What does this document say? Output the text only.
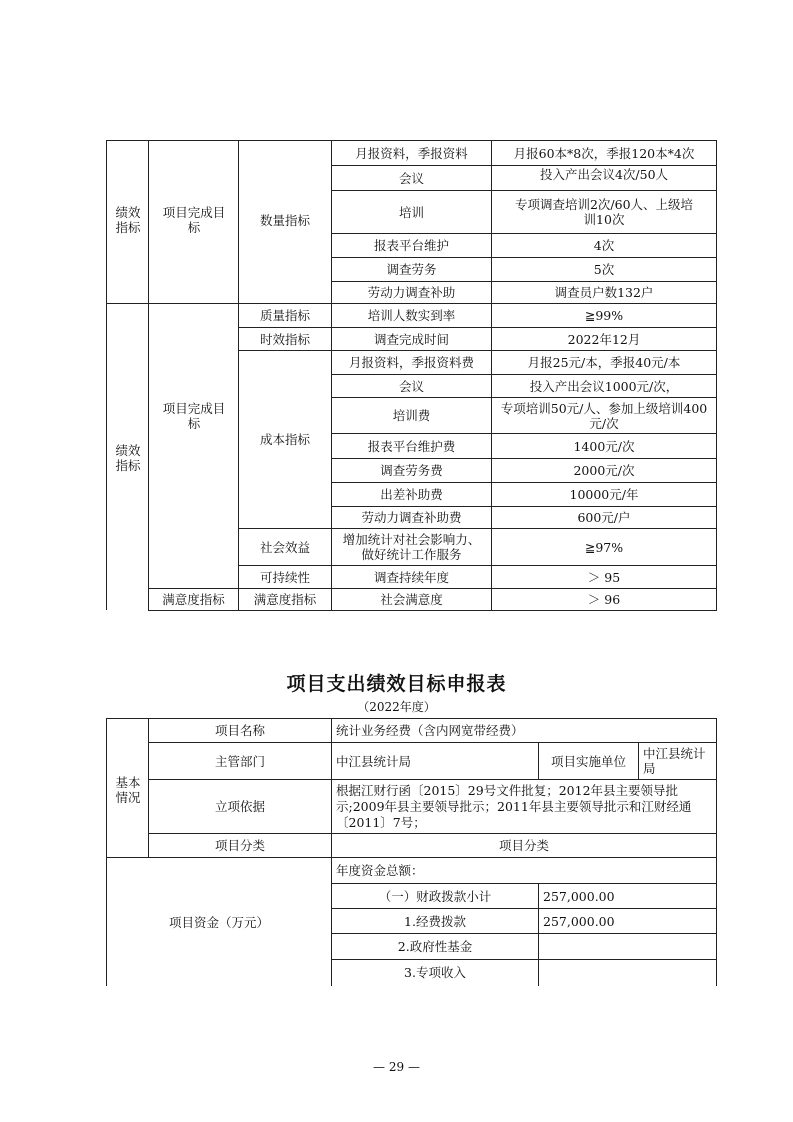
绩效指标
项目完成目标	数量指标
月报资料，季报资料	月报60本*8次，季报120本*4次
会议	投入产出会议4次/50人
培训	专项调查培训2次/60人、上级培训10次
报表平台维护	4次
调查劳务	5次
劳动力调查补助	调查员户数132户
绩效指标
项目完成目标
质量指标	培训人数实到率	≧99%
时效指标	调查完成时间	2022年12月
成本指标
月报资料，季报资料费	月报25元/本，季报40元/本
会议	投入产出会议1000元/次，
培训费	专项培训50元/人、参加上级培训400元/次
报表平台维护费	1400元/次
调查劳务费	2000元/次
出差补助费	10000元/年
劳动力调查补助费	600元/户
社会效益	增加统计对社会影响力、做好统计工作服务	≧97%
可持续性	调查持续年度	＞ 95
满意度指标	满意度指标	社会满意度	＞ 96
项目支出绩效目标申报表
（2022年度）
基本情况
项目名称	统计业务经费（含内网宽带经费）
主管部门	中江县统计局	项目实施单位	中江县统计局
立项依据
根据江财行函〔2015〕29号文件批复；2012年县主要领导批示;2009年县主要领导批示；2011年县主要领导批示和江财经通〔2011〕7号；
项目分类	项目分类
项目资金（万元）
年度资金总额：
（一）财政拨款小计	257,000.00
1.经费拨款	257,000.00
2.政府性基金
3.专项收入
— 29 —
